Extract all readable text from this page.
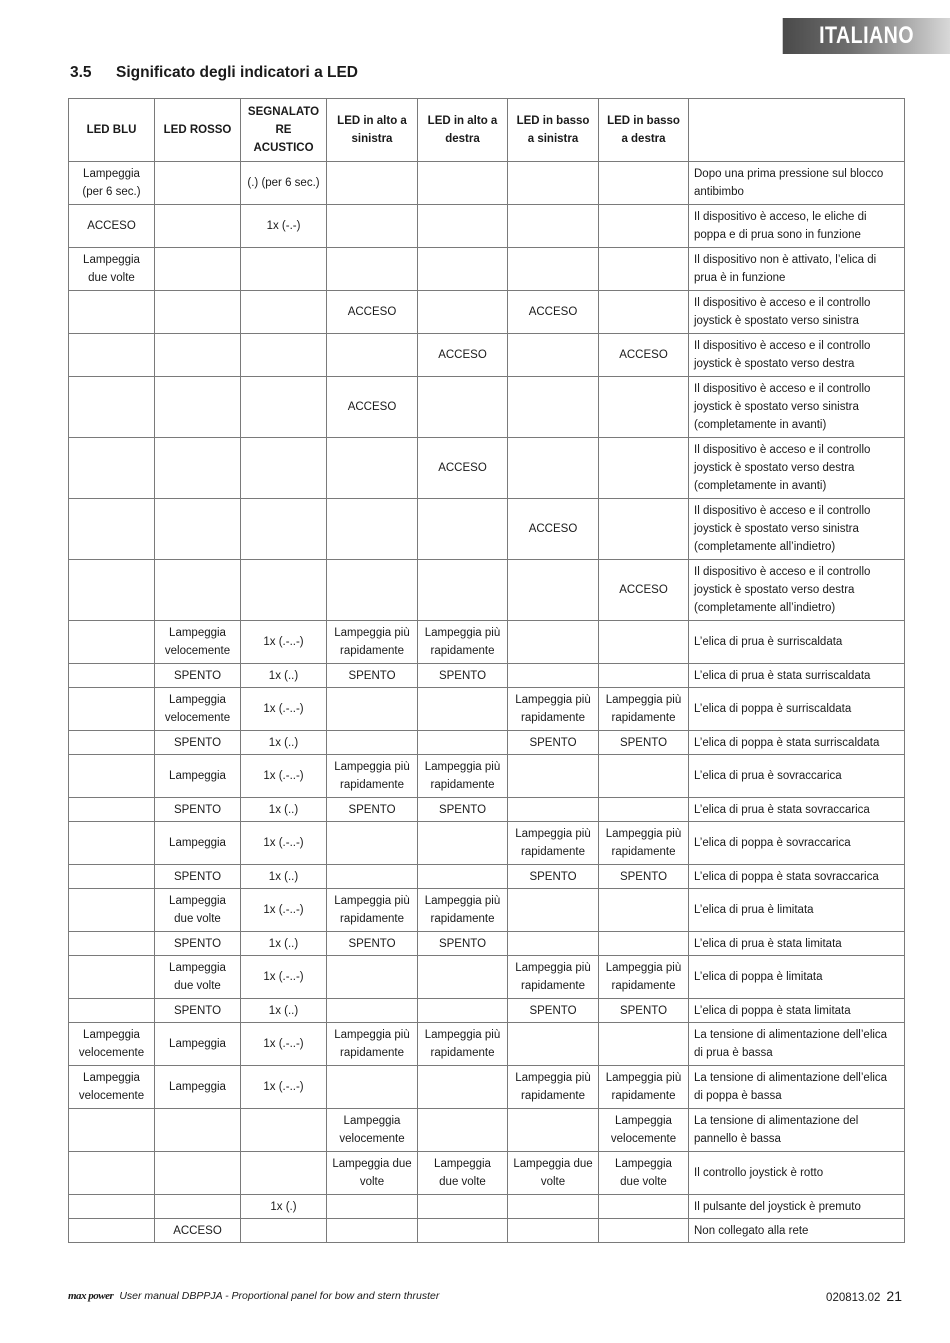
ITALIANO
3.5 Significato degli indicatori a LED
LED BLU	LED ROSSO	SEGNALATORE ACUSTICO	LED in alto a sinistra	LED in alto a destra	LED in basso a sinistra	LED in basso a destra	
Lampeggia (per 6 sec.)		(.) (per 6 sec.)					Dopo una prima pressione sul blocco antibimbo
ACCESO		1x (-.-)					Il dispositivo è acceso, le eliche di poppa e di prua sono in funzione
Lampeggia due volte							Il dispositivo non è attivato, l’elica di prua è in funzione
			ACCESO		ACCESO		Il dispositivo è acceso e il controllo joystick è spostato verso sinistra
				ACCESO		ACCESO	Il dispositivo è acceso e il controllo joystick è spostato verso destra
			ACCESO				Il dispositivo è acceso e il controllo joystick è spostato verso sinistra (completamente in avanti)
				ACCESO			Il dispositivo è acceso e il controllo joystick è spostato verso destra (completamente in avanti)
					ACCESO		Il dispositivo è acceso e il controllo joystick è spostato verso sinistra (completamente all’indietro)
						ACCESO	Il dispositivo è acceso e il controllo joystick è spostato verso destra (completamente all’indietro)
	Lampeggia velocemente	1x (.-..-)	Lampeggia più rapidamente	Lampeggia più rapidamente			L’elica di prua è surriscaldata
	SPENTO	1x (..)	SPENTO	SPENTO			L’elica di prua è stata surriscaldata
	Lampeggia velocemente	1x (.-..-)			Lampeggia più rapidamente	Lampeggia più rapidamente	L’elica di poppa è surriscaldata
	SPENTO	1x (..)			SPENTO	SPENTO	L’elica di poppa è stata surriscaldata
	Lampeggia	1x (.-..-)	Lampeggia più rapidamente	Lampeggia più rapidamente			L’elica di prua è sovraccarica
	SPENTO	1x (..)	SPENTO	SPENTO			L’elica di prua è stata sovraccarica
	Lampeggia	1x (.-..-)			Lampeggia più rapidamente	Lampeggia più rapidamente	L’elica di poppa è sovraccarica
	SPENTO	1x (..)			SPENTO	SPENTO	L’elica di poppa è stata sovraccarica
	Lampeggia due volte	1x (.-..-)	Lampeggia più rapidamente	Lampeggia più rapidamente			L’elica di prua è limitata
	SPENTO	1x (..)	SPENTO	SPENTO			L’elica di prua è stata limitata
	Lampeggia due volte	1x (.-..-)			Lampeggia più rapidamente	Lampeggia più rapidamente	L’elica di poppa è limitata
	SPENTO	1x (..)			SPENTO	SPENTO	L’elica di poppa è stata limitata
Lampeggia velocemente	Lampeggia	1x (.-..-)	Lampeggia più rapidamente	Lampeggia più rapidamente			La tensione di alimentazione dell’elica di prua è bassa
Lampeggia velocemente	Lampeggia	1x (.-..-)			Lampeggia più rapidamente	Lampeggia più rapidamente	La tensione di alimentazione dell’elica di poppa è bassa
			Lampeggia velocemente			Lampeggia velocemente	La tensione di alimentazione del pannello è bassa
			Lampeggia due volte	Lampeggia due volte	Lampeggia due volte	Lampeggia due volte	Il controllo joystick è rotto
		1x (.)					Il pulsante del joystick è premuto
	ACCESO						Non collegato alla rete
max power User manual DBPPJA - Proportional panel for bow and stern thruster	020813.02 21
